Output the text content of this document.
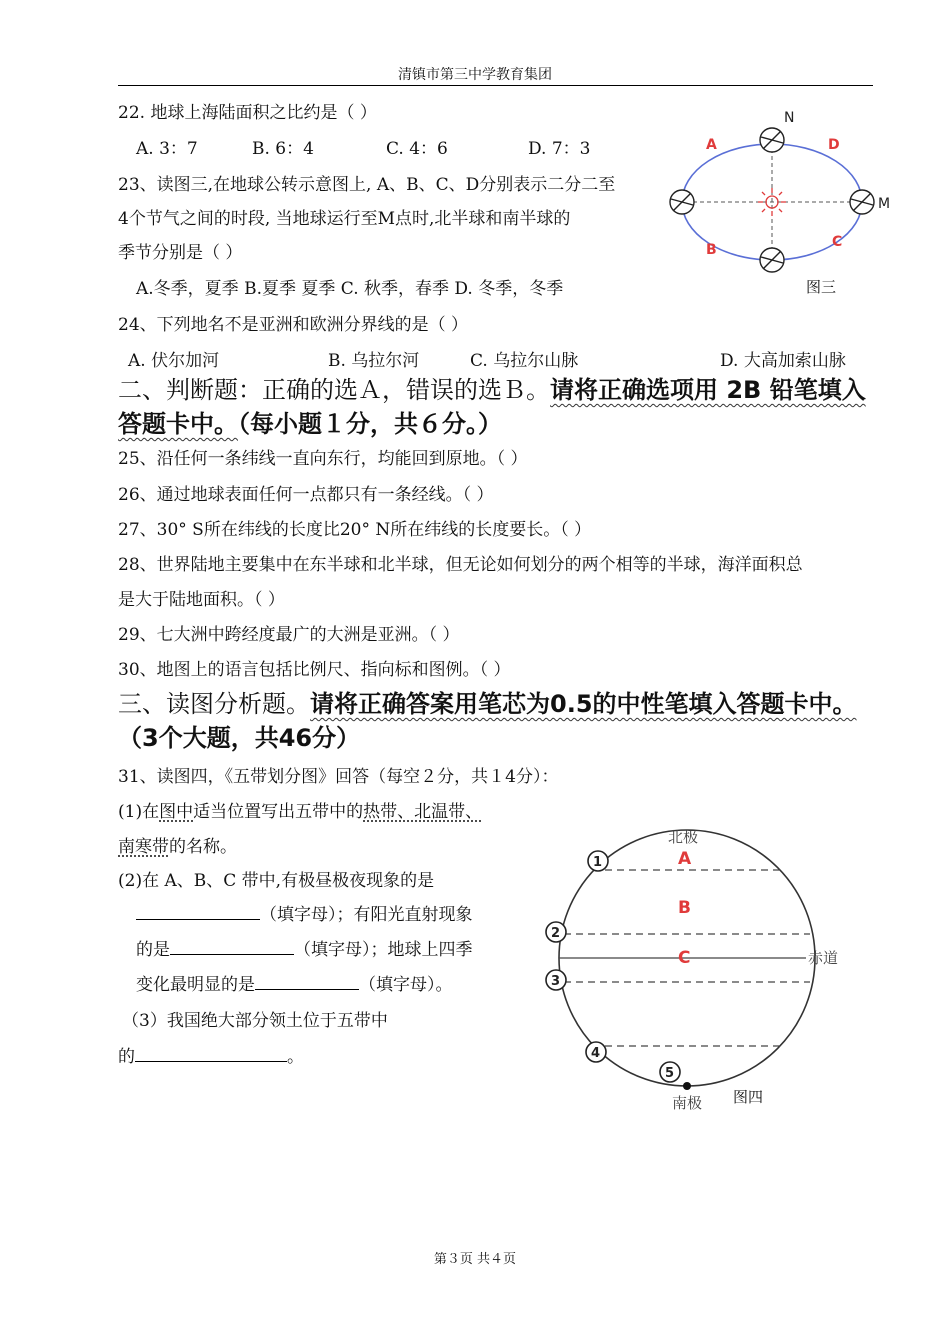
清镇市第三中学教育集团
22. 地球上海陆面积之比约是（ ）
A. 3：7	B. 6：4	C. 4：6	D. 7：3
23、读图三,在地球公转示意图上, A、B、C、D分别表示二分二至
4个节气之间的时段, 当地球运行至M点时,北半球和南半球的
季节分别是（ ）
A.冬季，夏季 B.夏季 夏季 C. 秋季，春季 D. 冬季，冬季
N
M
A	D
B	C
图三
24、下列地名不是亚洲和欧洲分界线的是（ ）
A. 伏尔加河	B. 乌拉尔河	C. 乌拉尔山脉	D. 大高加索山脉
二、判断题：正确的选Ａ，错误的选Ｂ。请将正确选项用 2B 铅笔填入
答题卡中。（每小题１分，共６分。）
25、沿任何一条纬线一直向东行，均能回到原地。（ ）
26、通过地球表面任何一点都只有一条经线。（ ）
27、30° S所在纬线的长度比20° N所在纬线的长度要长。（ ）
28、世界陆地主要集中在东半球和北半球，但无论如何划分的两个相等的半球，海洋面积总
是大于陆地面积。（ ）
29、七大洲中跨经度最广的大洲是亚洲。（ ）
30、地图上的语言包括比例尺、指向标和图例。（ ）
三、读图分析题。请将正确答案用笔芯为0.5的中性笔填入答题卡中。
（3个大题，共46分）
31、读图四，《五带划分图》回答（每空２分，共１4分）：
(1)在图中适当位置写出五带中的热带、北温带、
南寒带的名称。
(2)在 A、B、C 带中,有极昼极夜现象的是
（填字母）；有阳光直射现象
的是	（填字母）；地球上四季
变化最明显的是	（填字母）。
（3）我国绝大部分领土位于五带中
的	。
北极
南极
赤道
A
B
C
1
2
3
4
5
图四
第３页 共４页
